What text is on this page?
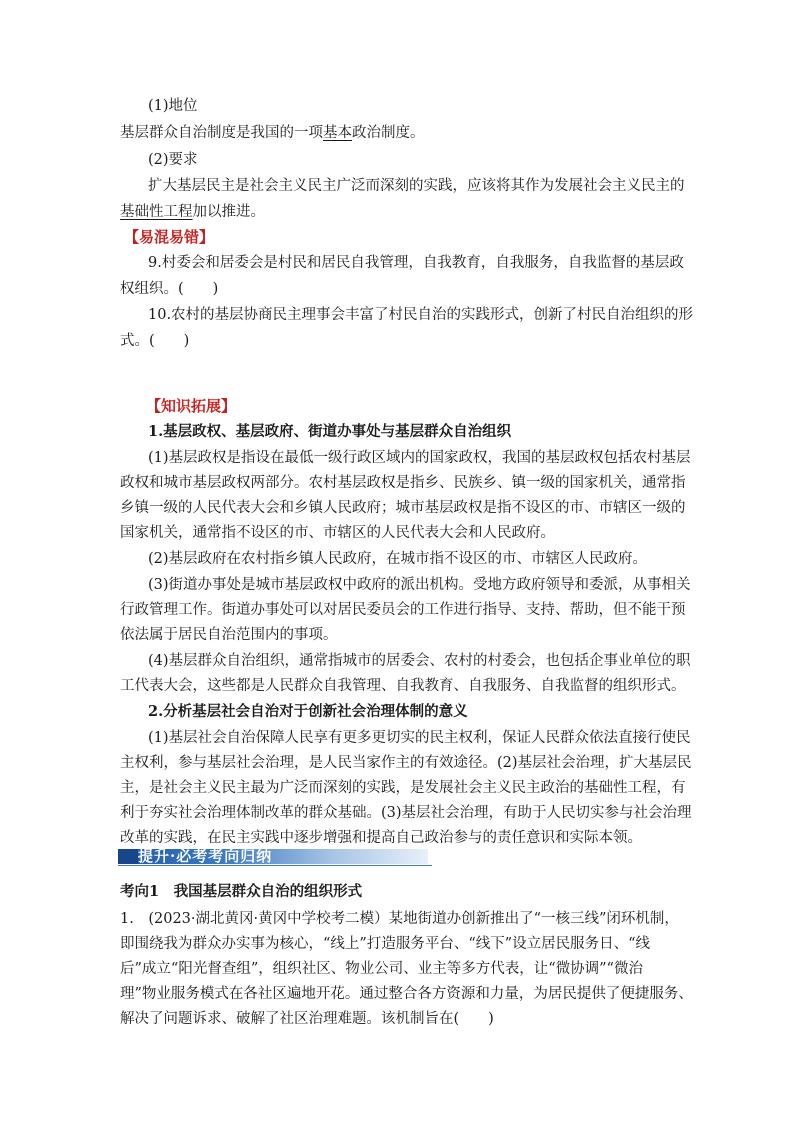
(1)地位
基层群众自治制度是我国的一项基本政治制度。
(2)要求
扩大基层民主是社会主义民主广泛而深刻的实践，应该将其作为发展社会主义民主的
基础性工程加以推进。
【易混易错】
9.村委会和居委会是村民和居民自我管理，自我教育，自我服务，自我监督的基层政
权组织。(　　)
10.农村的基层协商民主理事会丰富了村民自治的实践形式，创新了村民自治组织的形
式。(　　)
【知识拓展】
1.基层政权、基层政府、街道办事处与基层群众自治组织
(1)基层政权是指设在最低一级行政区域内的国家政权，我国的基层政权包括农村基层
政权和城市基层政权两部分。农村基层政权是指乡、民族乡、镇一级的国家机关，通常指
乡镇一级的人民代表大会和乡镇人民政府；城市基层政权是指不设区的市、市辖区一级的
国家机关，通常指不设区的市、市辖区的人民代表大会和人民政府。
(2)基层政府在农村指乡镇人民政府，在城市指不设区的市、市辖区人民政府。
(3)街道办事处是城市基层政权中政府的派出机构。受地方政府领导和委派，从事相关
行政管理工作。街道办事处可以对居民委员会的工作进行指导、支持、帮助，但不能干预
依法属于居民自治范围内的事项。
(4)基层群众自治组织，通常指城市的居委会、农村的村委会，也包括企事业单位的职
工代表大会，这些都是人民群众自我管理、自我教育、自我服务、自我监督的组织形式。
2.分析基层社会自治对于创新社会治理体制的意义
(1)基层社会自治保障人民享有更多更切实的民主权利，保证人民群众依法直接行使民
主权利，参与基层社会治理，是人民当家作主的有效途径。(2)基层社会治理，扩大基层民
主，是社会主义民主最为广泛而深刻的实践，是发展社会主义民主政治的基础性工程，有
利于夯实社会治理体制改革的群众基础。(3)基层社会治理，有助于人民切实参与社会治理
改革的实践，在民主实践中逐步增强和提高自己政治参与的责任意识和实际本领。
提升·必考考向归纳
考向1　我国基层群众自治的组织形式
1.　(2023·湖北黄冈·黄冈中学校考二模）某地街道办创新推出了“一核三线”闭环机制，
即围绕我为群众办实事为核心，“线上”打造服务平台、“线下”设立居民服务日、“线
后”成立“阳光督查组”，组织社区、物业公司、业主等多方代表，让“微协调”“微治
理”物业服务模式在各社区遍地开花。通过整合各方资源和力量，为居民提供了便捷服务、
解决了问题诉求、破解了社区治理难题。该机制旨在(　　)
